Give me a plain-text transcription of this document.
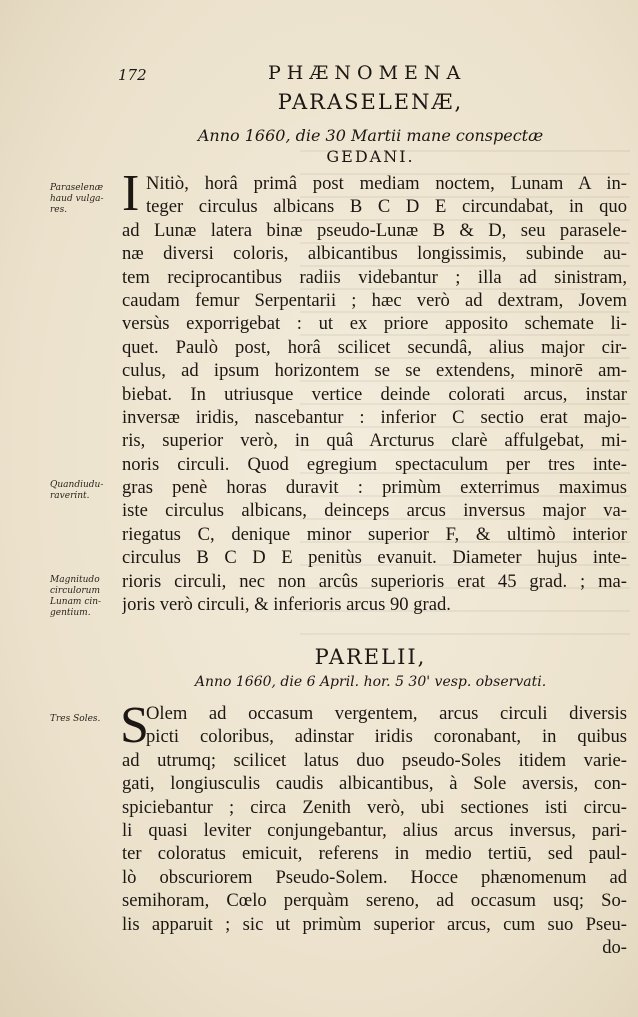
172	PHÆNOMENA
PARASELENÆ,
Anno 1660, die 30 Martii mane conspectæ
GEDANI.
Paraselenæ
haud vulga-
res.
Quandiudu-
raverint.
Magnitudo
circulorum
Lunam cin-
gentium.
Tres Soles.
I Nitiò, horâ primâ post mediam noctem, Lunam A in-
teger circulus albicans B C D E circundabat, in quo
ad Lunæ latera binæ pseudo-Lunæ B & D, seu parasele-
næ diversi coloris, albicantibus longissimis, subinde au-
tem reciprocantibus radiis videbantur ; illa ad sinistram,
caudam femur Serpentarii ; hæc verò ad dextram, Jovem
versùs exporrigebat : ut ex priore apposito schemate li-
quet. Paulò post, horâ scilicet secundâ, alius major cir-
culus, ad ipsum horizontem se se extendens, minorē am-
biebat. In utriusque vertice deinde colorati arcus, instar
inversæ iridis, nascebantur : inferior C sectio erat majo-
ris, superior verò, in quâ Arcturus clarè affulgebat, mi-
noris circuli. Quod egregium spectaculum per tres inte-
gras penè horas duravit : primùm exterrimus maximus
iste circulus albicans, deinceps arcus inversus major va-
riegatus C, denique minor superior F, & ultimò interior
circulus B C D E penitùs evanuit. Diameter hujus inte-
rioris circuli, nec non arcûs superioris erat 45 grad. ; ma-
joris verò circuli, & inferioris arcus 90 grad.
PARELII,
Anno 1660, die 6 April. hor. 5 30' vesp. observati.
S
Olem ad occasum vergentem, arcus circuli diversis
picti coloribus, adinstar iridis coronabant, in quibus
ad utrumq; scilicet latus duo pseudo-Soles itidem varie-
gati, longiusculis caudis albicantibus, à Sole aversis, con-
spiciebantur ; circa Zenith verò, ubi sectiones isti circu-
li quasi leviter conjungebantur, alius arcus inversus, pari-
ter coloratus emicuit, referens in medio tertiū, sed paul-
lò obscuriorem Pseudo-Solem. Hocce phænomenum ad
semihoram, Cœlo perquàm sereno, ad occasum usq; So-
lis apparuit ; sic ut primùm superior arcus, cum suo Pseu-
do-
